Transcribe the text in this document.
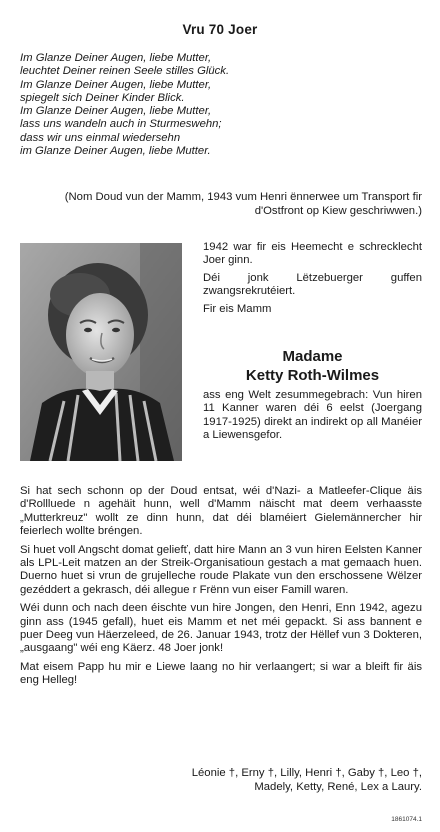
Vru 70 Joer
Im Glanze Deiner Augen, liebe Mutter,
leuchtet Deiner reinen Seele stilles Glück.
Im Glanze Deiner Augen, liebe Mutter,
spiegelt sich Deiner Kinder Blick.
Im Glanze Deiner Augen, liebe Mutter,
lass uns wandeln auch in Sturmeswehn;
dass wir uns einmal wiedersehn
im Glanze Deiner Augen, liebe Mutter.
(Nom Doud vun der Mamm, 1943 vum Henri ënnerwee um Transport fir d'Ostfront op Kiew geschriwwen.)

1942 war fir eis Heemecht e schrecklecht Joer ginn.

Déi jonk Lëtzebuerger guffen zwangsrekrutéiert.

Fir eis Mamm

Madame
Ketty Roth-Wilmes
ass eng Welt zesummegebrach: Vun hiren 11 Kanner waren déi 6 eelst (Joergang 1917-1925) direkt an indirekt op all Manéier a Liewensgefor.

Si hat sech schonn op der Doud entsat, wéi d'Nazi- a Matleefer-Clique äis d'Rollluede n agehäit hunn, well d'Mamm näischt mat deem verhaasste „Mutterkreuz" wollt ze dinn hunn, dat déi blaméiert Gielemännercher hir feierlech wollte bréngen.

Si huet voll Angscht domat geliefť, datt hire Mann an 3 vun hiren Eelsten Kanner als LPL-Leit matzen an der Streik-Organisatioun gestach a mat gemaach huen. Duerno huet si vrun de grujelleche roude Plakate vun den erschossene Wëlzer gezéddert a gekrasch, déi allegue r Frënn vun eiser Famill waren.

Wéi dunn och nach deen éischte vun hire Jongen, den Henri, Enn 1942, agezu ginn ass (1945 gefall), huet eis Mamm et net méi gepackt. Si ass bannent e puer Deeg vun Häerzeleed, de 26. Januar 1943, trotz der Hëllef vun 3 Dokteren, „ausgaang" wéi eng Käerz. 48 Joer jonk!

Mat eisem Papp hu mir e Liewe laang no hir verlaangert; si war a bleift fir äis eng Helleg!

Léonie †, Erny †, Lilly, Henri †, Gaby †, Leo †,
Madely, Ketty, René, Lex a Laury.
1861074.1
